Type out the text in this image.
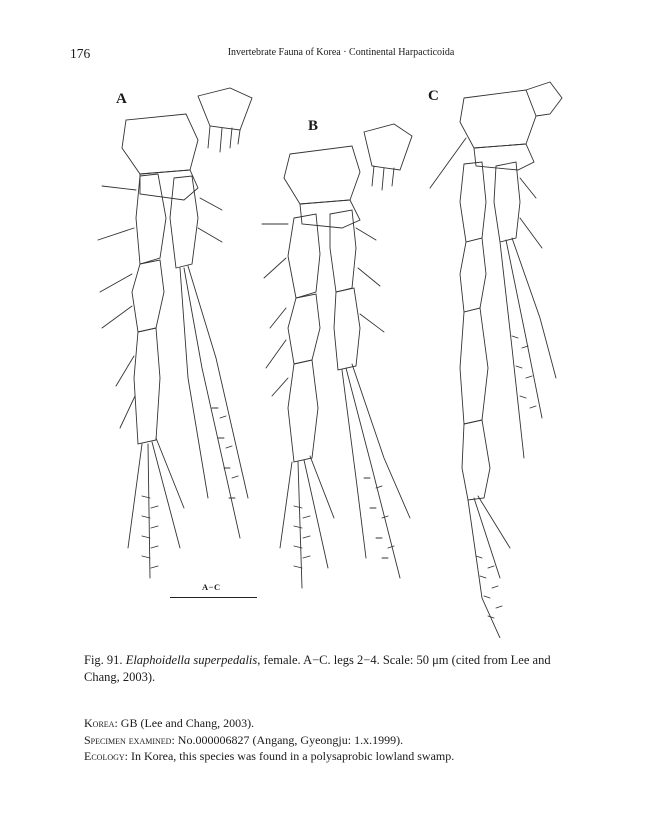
176	Invertebrate Fauna of Korea · Continental Harpacticoida
A
B
C
A−C
Fig. 91. Elaphoidella superpedalis, female. A−C. legs 2−4. Scale: 50 μm (cited from Lee and Chang, 2003).

Korea: GB (Lee and Chang, 2003).

Specimen examined: No.000006827 (Angang, Gyeongju: 1.x.1999).

Ecology: In Korea, this species was found in a polysaprobic lowland swamp.
